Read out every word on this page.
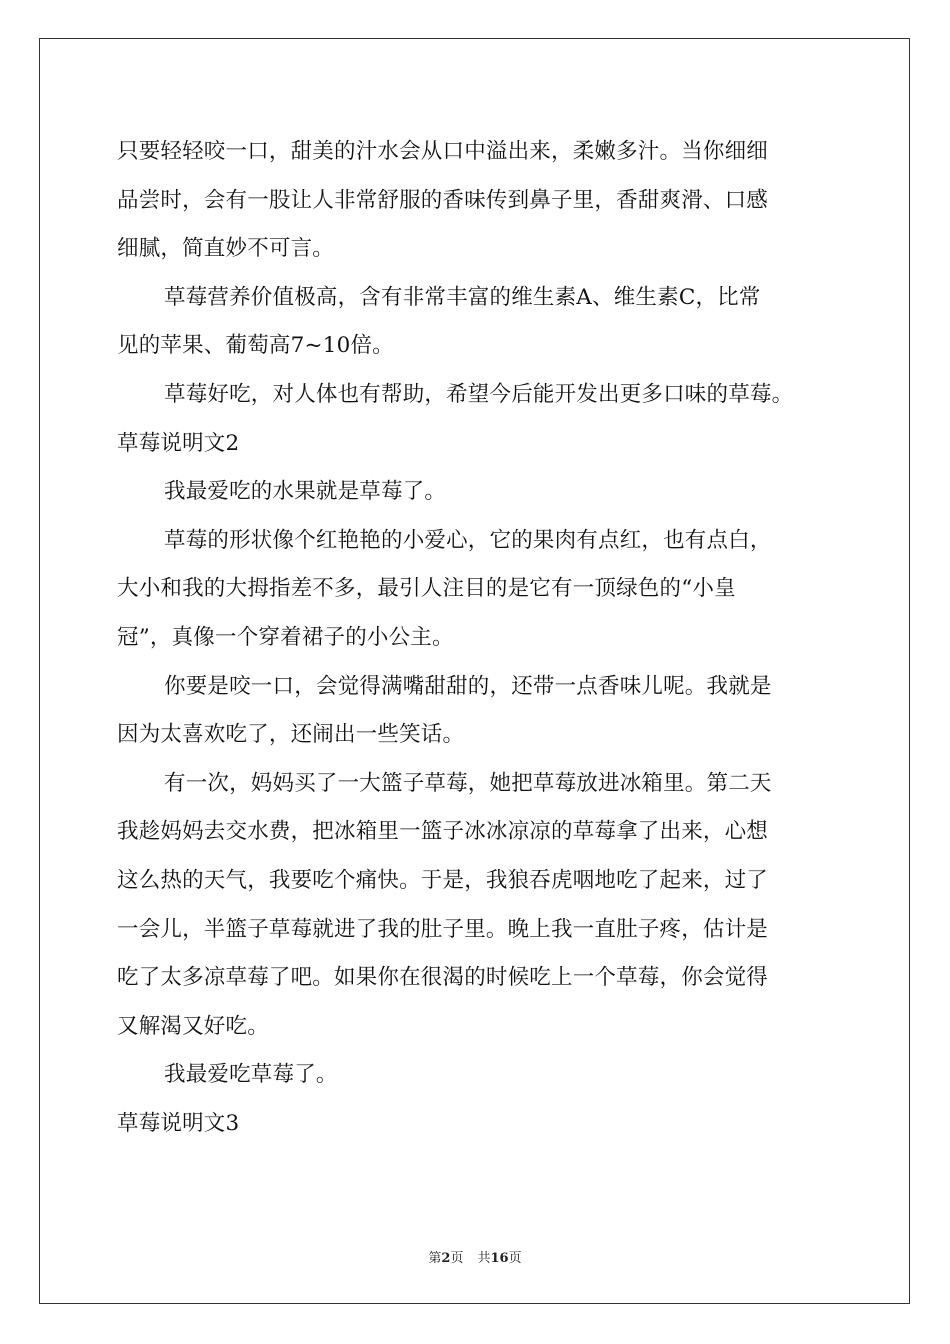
只要轻轻咬一口，甜美的汁水会从口中溢出来，柔嫩多汁。当你细细
品尝时，会有一股让人非常舒服的香味传到鼻子里，香甜爽滑、口感
细腻，简直妙不可言。
草莓营养价值极高，含有非常丰富的维生素A、维生素C，比常
见的苹果、葡萄高7~10倍。
草莓好吃，对人体也有帮助，希望今后能开发出更多口味的草莓。
草莓说明文2
我最爱吃的水果就是草莓了。
草莓的形状像个红艳艳的小爱心，它的果肉有点红，也有点白，
大小和我的大拇指差不多，最引人注目的是它有一顶绿色的“小皇
冠”，真像一个穿着裙子的小公主。
你要是咬一口，会觉得满嘴甜甜的，还带一点香味儿呢。我就是
因为太喜欢吃了，还闹出一些笑话。
有一次，妈妈买了一大篮子草莓，她把草莓放进冰箱里。第二天
我趁妈妈去交水费，把冰箱里一篮子冰冰凉凉的草莓拿了出来，心想
这么热的天气，我要吃个痛快。于是，我狼吞虎咽地吃了起来，过了
一会儿，半篮子草莓就进了我的肚子里。晚上我一直肚子疼，估计是
吃了太多凉草莓了吧。如果你在很渴的时候吃上一个草莓，你会觉得
又解渴又好吃。
我最爱吃草莓了。
草莓说明文3
第2页 共16页
